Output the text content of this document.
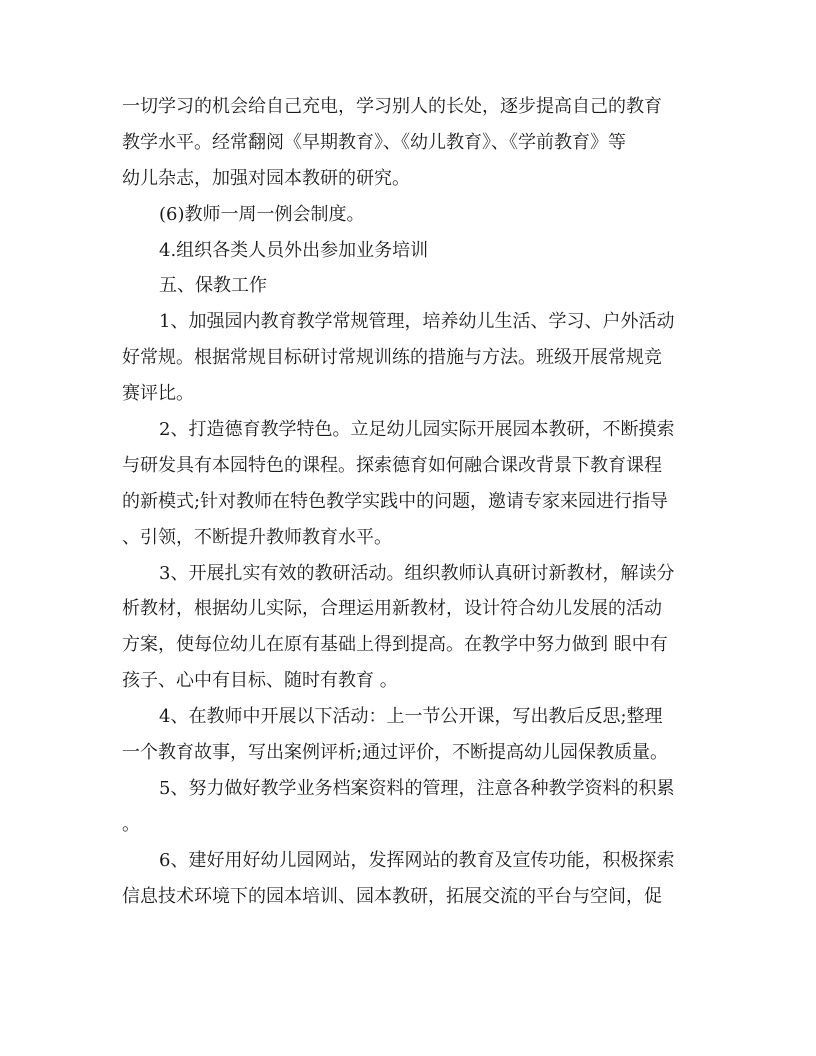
一切学习的机会给自己充电，学习别人的长处，逐步提高自己的教育
教学水平。经常翻阅《早期教育》、《幼儿教育》、《学前教育》等
幼儿杂志，加强对园本教研的研究。
(6)教师一周一例会制度。
4.组织各类人员外出参加业务培训
五、保教工作
1、加强园内教育教学常规管理，培养幼儿生活、学习、户外活动
好常规。根据常规目标研讨常规训练的措施与方法。班级开展常规竞
赛评比。
2、打造德育教学特色。立足幼儿园实际开展园本教研，不断摸索
与研发具有本园特色的课程。探索德育如何融合课改背景下教育课程
的新模式;针对教师在特色教学实践中的问题，邀请专家来园进行指导
、引领，不断提升教师教育水平。
3、开展扎实有效的教研活动。组织教师认真研讨新教材，解读分
析教材，根据幼儿实际，合理运用新教材，设计符合幼儿发展的活动
方案，使每位幼儿在原有基础上得到提高。在教学中努力做到 眼中有
孩子、心中有目标、随时有教育 。
4、在教师中开展以下活动：上一节公开课，写出教后反思;整理
一个教育故事，写出案例评析;通过评价，不断提高幼儿园保教质量。
5、努力做好教学业务档案资料的管理，注意各种教学资料的积累
。
6、建好用好幼儿园网站，发挥网站的教育及宣传功能，积极探索
信息技术环境下的园本培训、园本教研，拓展交流的平台与空间，促
